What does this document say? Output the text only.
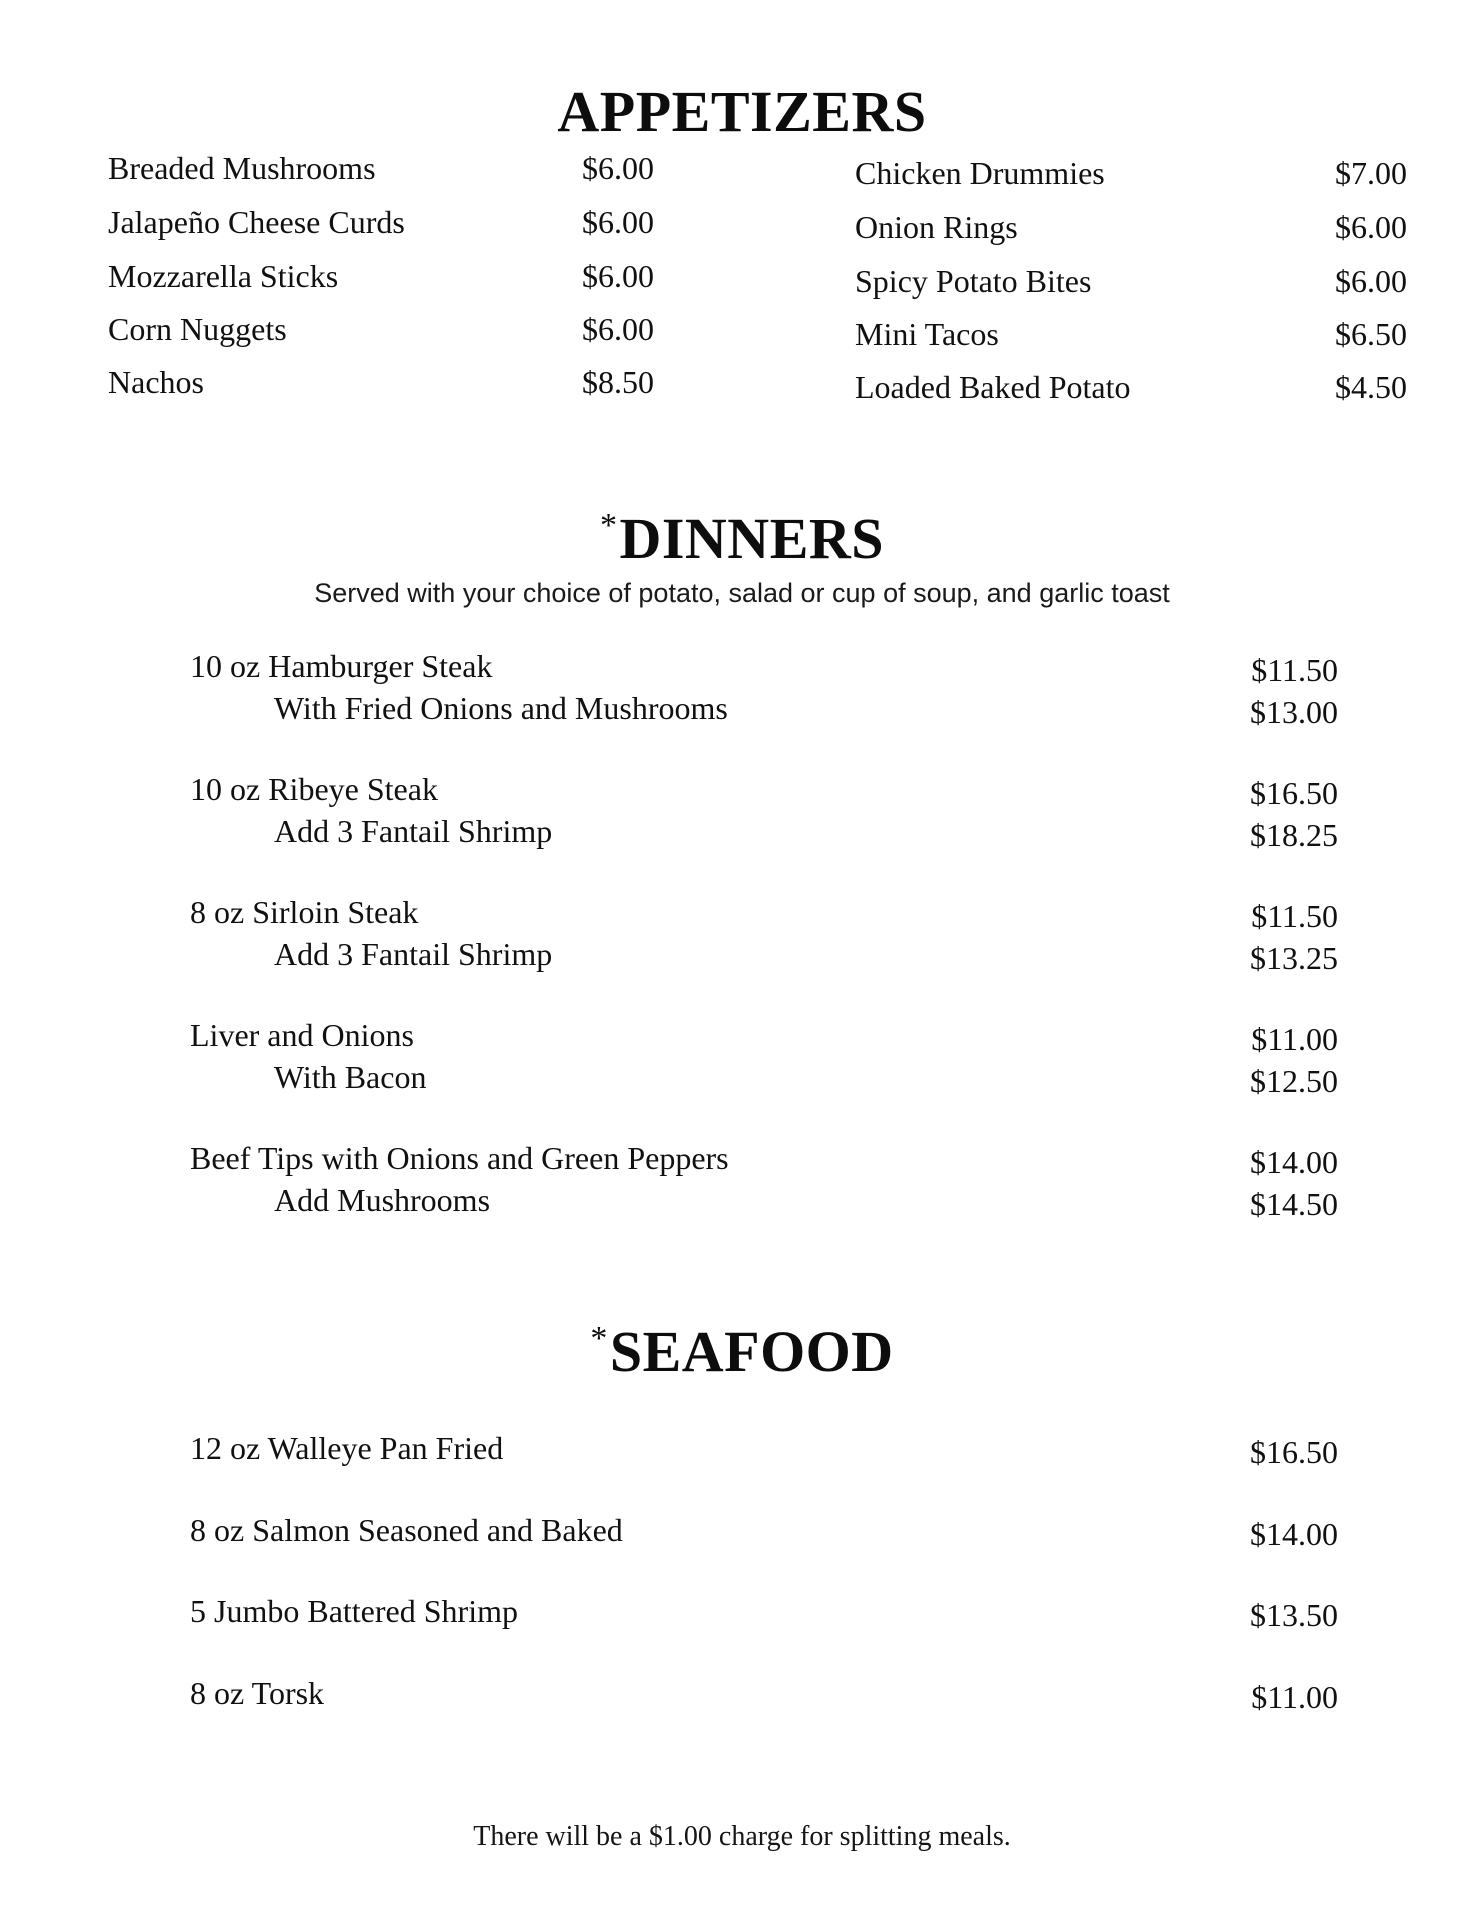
APPETIZERS
Breaded Mushrooms	$6.00
Jalapeño Cheese Curds	$6.00
Mozzarella Sticks	$6.00
Corn Nuggets	$6.00
Nachos	$8.50
Chicken Drummies	$7.00
Onion Rings	$6.00
Spicy Potato Bites	$6.00
Mini Tacos	$6.50
Loaded Baked Potato	$4.50
*DINNERS
Served with your choice of potato, salad or cup of soup, and garlic toast
10 oz Hamburger Steak	$11.50
With Fried Onions and Mushrooms	$13.00
10 oz Ribeye Steak	$16.50
Add 3 Fantail Shrimp	$18.25
8 oz Sirloin Steak	$11.50
Add 3 Fantail Shrimp	$13.25
Liver and Onions	$11.00
With Bacon	$12.50
Beef Tips with Onions and Green Peppers	$14.00
Add Mushrooms	$14.50
*SEAFOOD
12 oz Walleye Pan Fried	$16.50
8 oz Salmon Seasoned and Baked	$14.00
5 Jumbo Battered Shrimp	$13.50
8 oz Torsk	$11.00
There will be a $1.00 charge for splitting meals.
